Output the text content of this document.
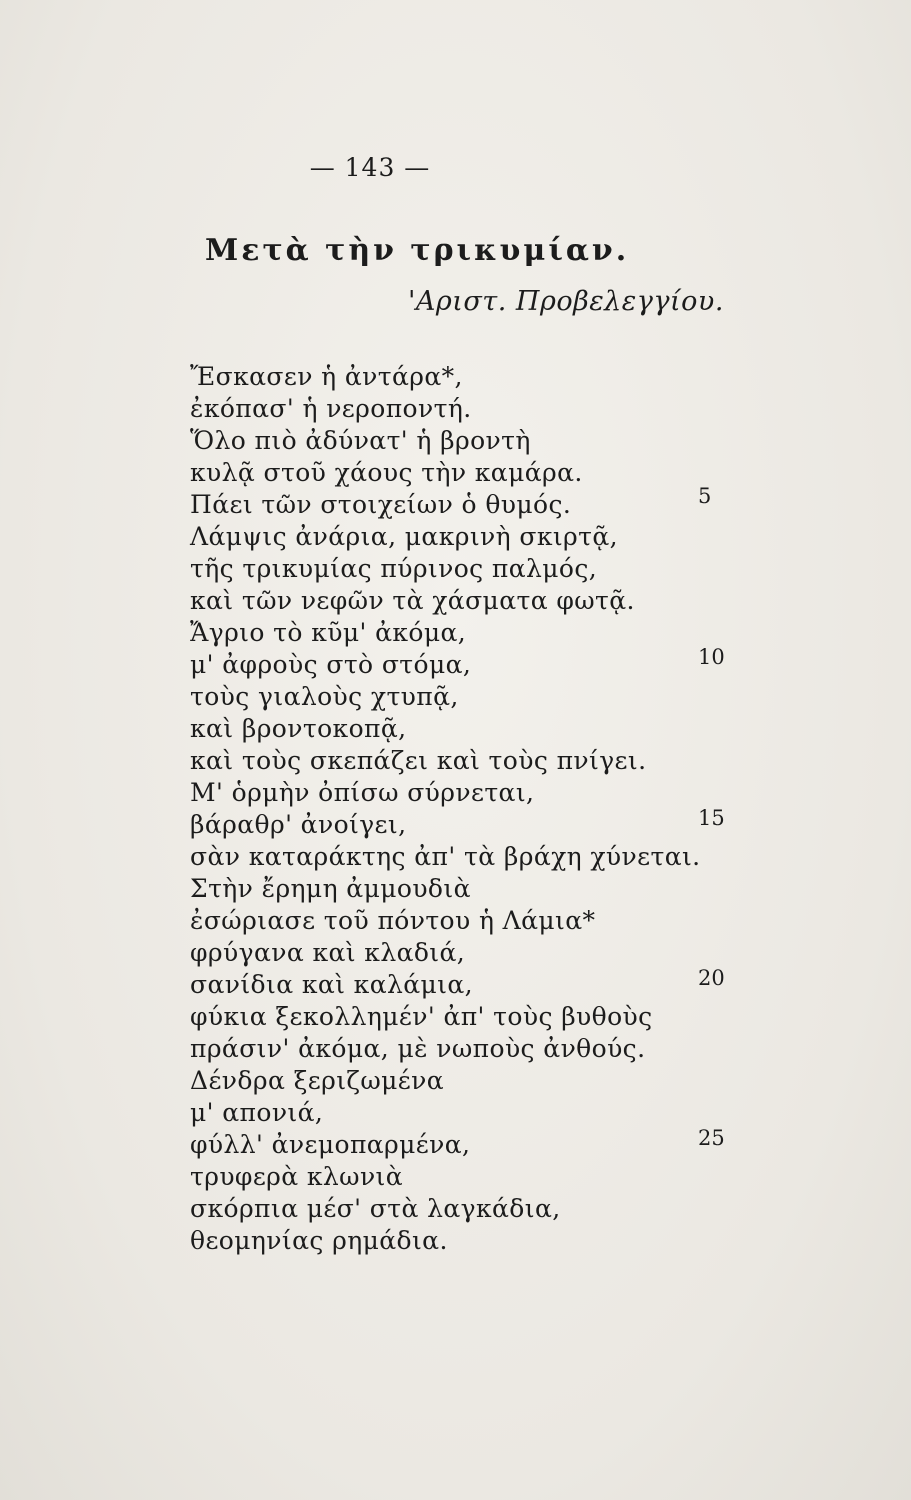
— 143 —
Μετὰ τὴν τρικυμίαν.
'Αριστ. Προβελεγγίου.
Ἔσκασεν ἡ ἀντάρα*,
ἐκόπασ' ἡ νεροποντή.
Ὅλο πιὸ ἀδύνατ' ἡ βροντὴ
κυλᾷ στοῦ χάους τὴν καμάρα.
Πάει τῶν στοιχείων ὁ θυμός.
Λάμψις ἀνάρια, μακρινὴ σκιρτᾷ,
τῆς τρικυμίας πύρινος παλμός,
καὶ τῶν νεφῶν τὰ χάσματα φωτᾷ.
Ἄγριο τὸ κῦμ' ἀκόμα,
μ' ἀφροὺς στὸ στόμα,
τοὺς γιαλοὺς χτυπᾷ,
καὶ βροντοκοπᾷ,
καὶ τοὺς σκεπάζει καὶ τοὺς πνίγει.
Μ' ὁρμὴν ὀπίσω σύρνεται,
βάραθρ' ἀνοίγει,
σὰν καταράκτης ἀπ' τὰ βράχη χύνεται.
Στὴν ἔρημη ἀμμουδιὰ
ἐσώριασε τοῦ πόντου ἡ Λάμια*
φρύγανα καὶ κλαδιά,
σανίδια καὶ καλάμια,
φύκια ξεκολλημέν' ἀπ' τοὺς βυθοὺς
πράσιν' ἀκόμα, μὲ νωποὺς ἀνθούς.
Δένδρα ξεριζωμένα
μ' απονιά,
φύλλ' ἀνεμοπαρμένα,
τρυφερὰ κλωνιὰ
σκόρπια μέσ' στὰ λαγκάδια,
θεομηνίας ρημάδια.
5
10
15
20
25
